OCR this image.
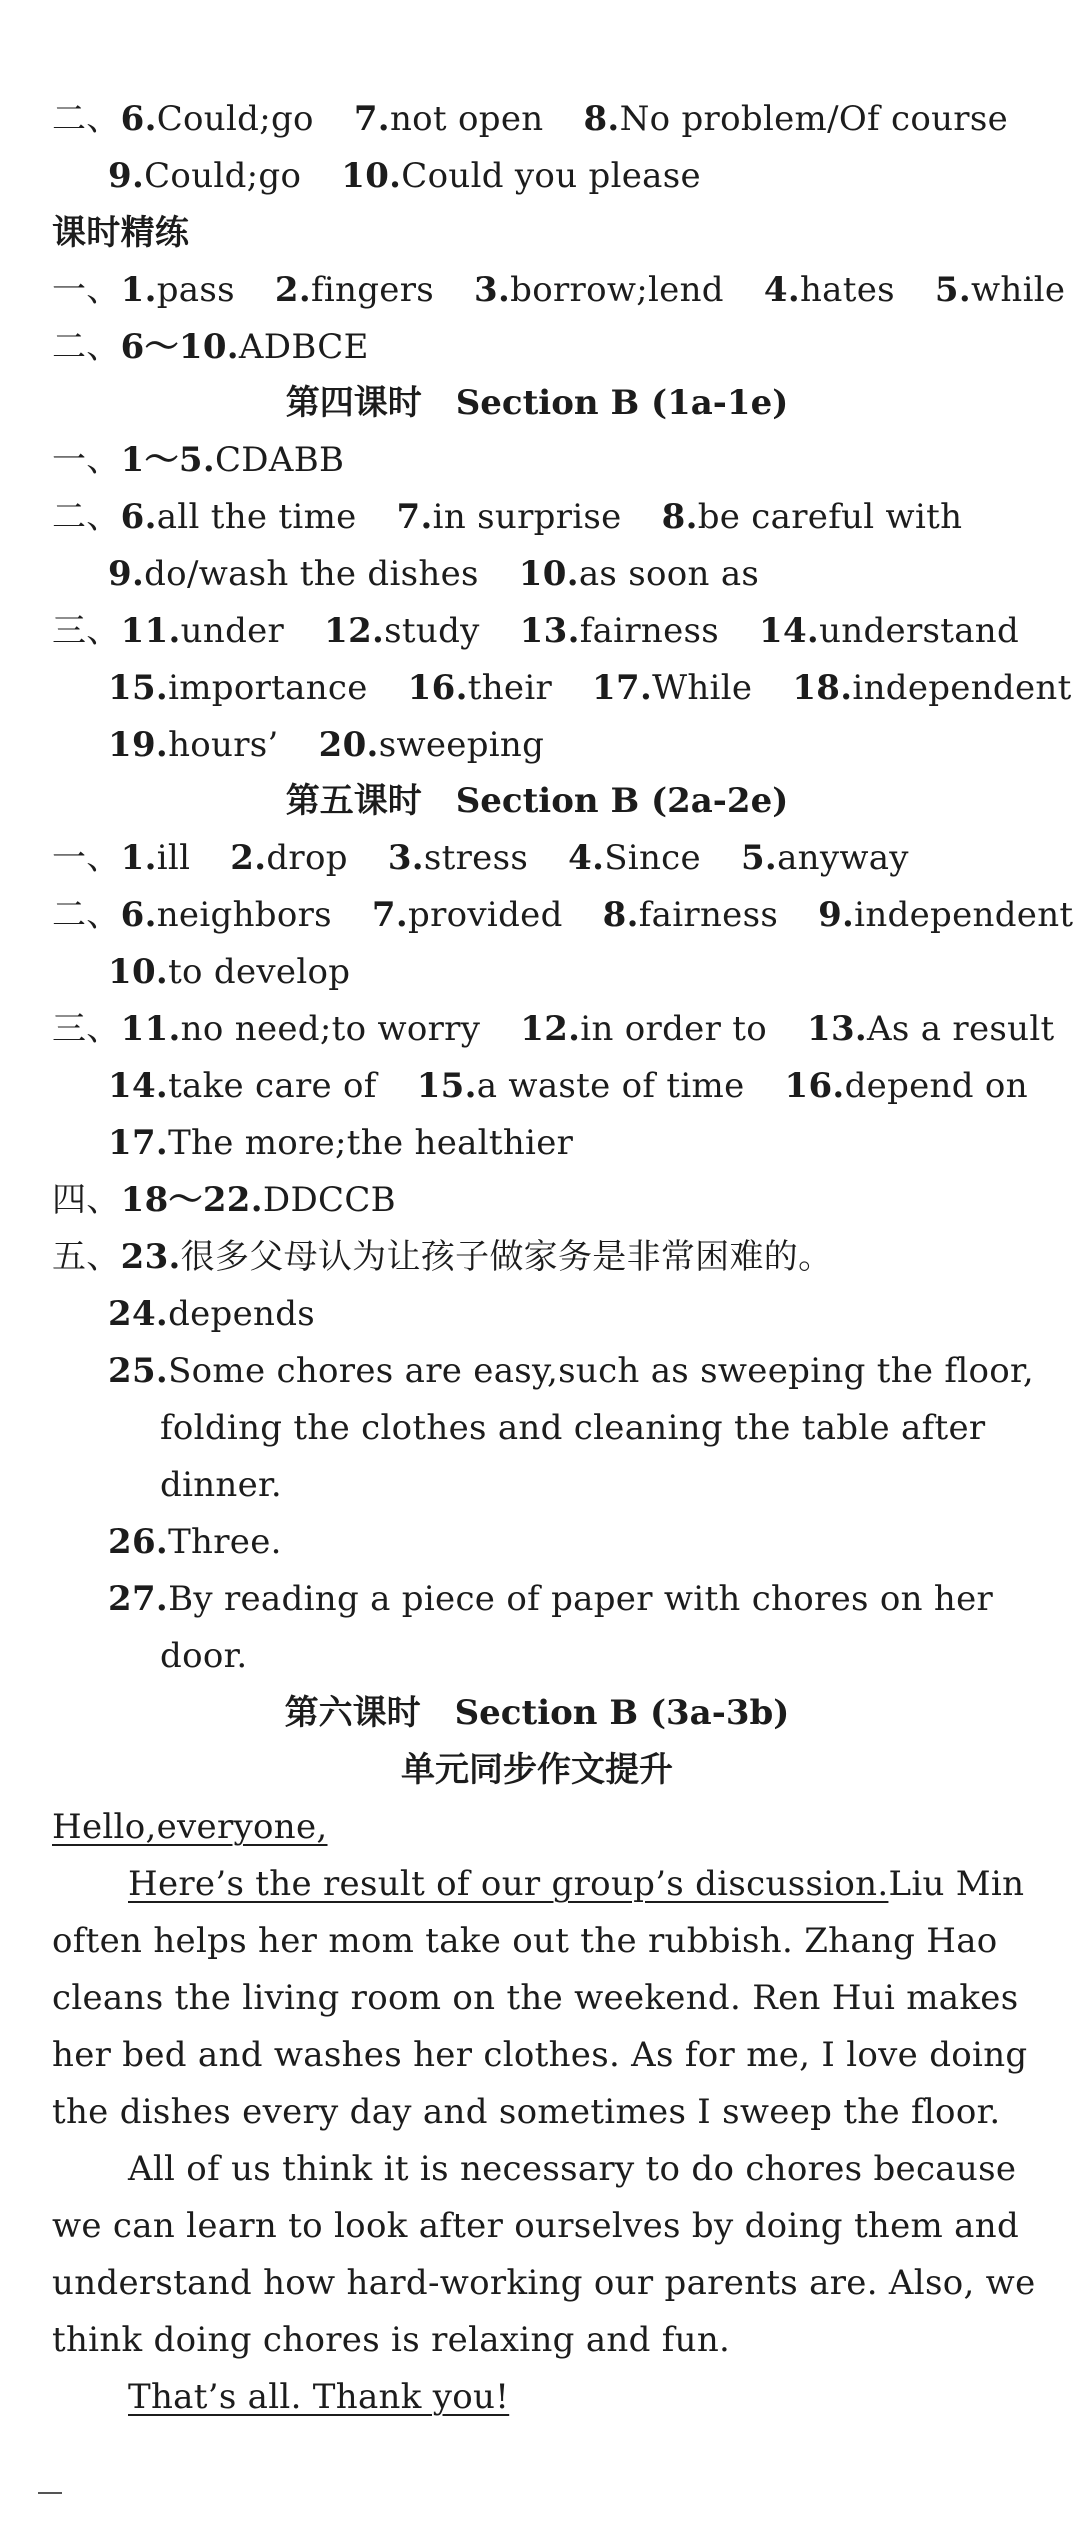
二、6.Could;go 7.not open 8.No problem/Of course
9.Could;go 10.Could you please
课时精练
一、1.pass 2.fingers 3.borrow;lend 4.hates 5.while
二、6～10.ADBCE
第四课时　Section B (1a-1e)
一、1～5.CDABB
二、6.all the time 7.in surprise 8.be careful with
9.do/wash the dishes 10.as soon as
三、11.under 12.study 13.fairness 14.understand
15.importance 16.their 17.While 18.independent
19.hours’ 20.sweeping
第五课时　Section B (2a-2e)
一、1.ill 2.drop 3.stress 4.Since 5.anyway
二、6.neighbors 7.provided 8.fairness 9.independent
10.to develop
三、11.no need;to worry 12.in order to 13.As a result
14.take care of 15.a waste of time 16.depend on
17.The more;the healthier
四、18～22.DDCCB
五、23.很多父母认为让孩子做家务是非常困难的。
24.depends
25.Some chores are easy,such as sweeping the floor,
folding the clothes and cleaning the table after
dinner.
26.Three.
27.By reading a piece of paper with chores on her
door.
第六课时　Section B (3a-3b)
单元同步作文提升
Hello,everyone,
Here’s the result of our group’s discussion.Liu Min
often helps her mom take out the rubbish. Zhang Hao
cleans the living room on the weekend. Ren Hui makes
her bed and washes her clothes. As for me, I love doing
the dishes every day and sometimes I sweep the floor.
All of us think it is necessary to do chores because
we can learn to look after ourselves by doing them and
understand how hard-working our parents are. Also, we
think doing chores is relaxing and fun.
That’s all. Thank you!
